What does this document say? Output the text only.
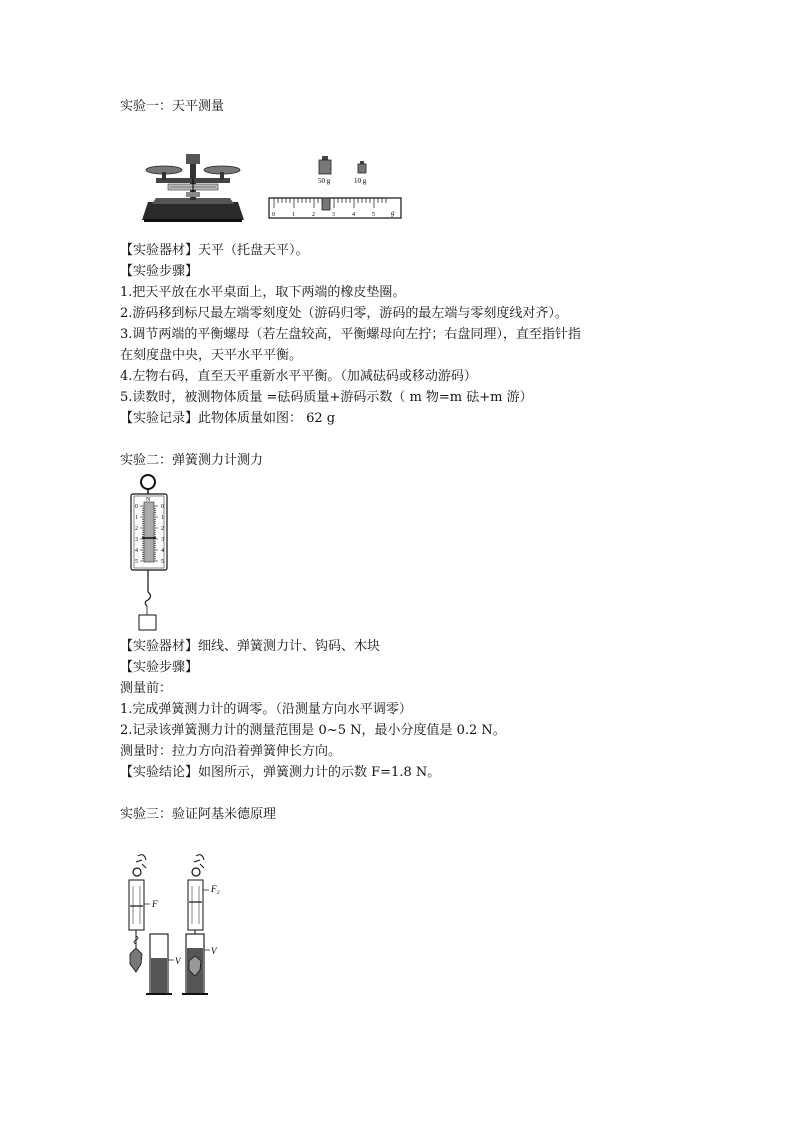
实验一：天平测量
50 g	10 g
0	1	2	3	4	5 g
【实验器材】天平（托盘天平）。
【实验步骤】
1.把天平放在水平桌面上，取下两端的橡皮垫圈。
2.游码移到标尺最左端零刻度处（游码归零，游码的最左端与零刻度线对齐）。
3.调节两端的平衡螺母（若左盘较高，平衡螺母向左拧；右盘同理），直至指针指
在刻度盘中央，天平水平平衡。
4.左物右码，直至天平重新水平平衡。（加减砝码或移动游码）
5.读数时，被测物体质量 =砝码质量+游码示数（ m 物=m 砝+m 游）
【实验记录】此物体质量如图： 62 g
实验二：弹簧测力计测力
0	0
1	1
2	2
3	3
4	4
5	5
N
【实验器材】细线、弹簧测力计、钩码、木块
【实验步骤】
测量前：
1.完成弹簧测力计的调零。（沿测量方向水平调零）
2.记录该弹簧测力计的测量范围是 0~5 N，最小分度值是 0.2 N。
测量时：拉力方向沿着弹簧伸长方向。
【实验结论】如图所示，弹簧测力计的示数 F=1.8 N。
实验三：验证阿基米德原理
F
V
F₂
V
